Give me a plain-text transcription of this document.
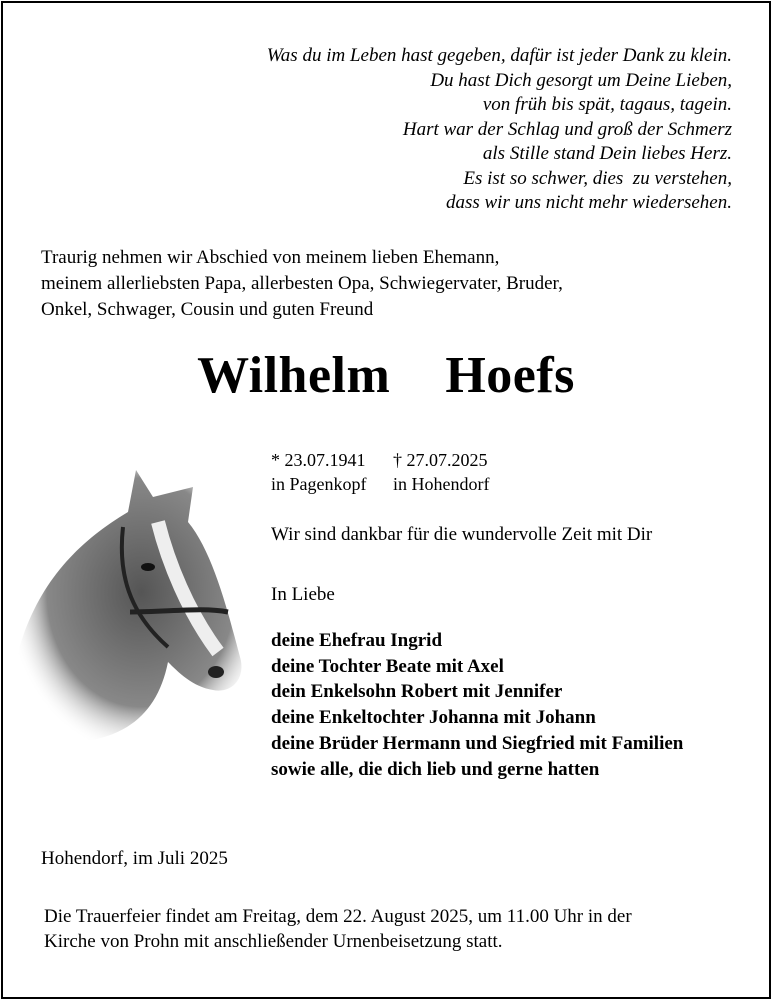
Was du im Leben hast gegeben, dafür ist jeder Dank zu klein.
Du hast Dich gesorgt um Deine Lieben,
von früh bis spät, tagaus, tagein.
Hart war der Schlag und groß der Schmerz
als Stille stand Dein liebes Herz.
Es ist so schwer, dies  zu verstehen,
dass wir uns nicht mehr wiedersehen.
Traurig nehmen wir Abschied von meinem lieben Ehemann,
meinem allerliebsten Papa, allerbesten Opa, Schwiegervater, Bruder,
Onkel, Schwager, Cousin und guten Freund
Wilhelm  Hoefs
* 23.07.1941
in Pagenkopf

† 27.07.2025
in Hohendorf
Wir sind dankbar für die wundervolle Zeit mit Dir
In Liebe
deine Ehefrau Ingrid
deine Tochter Beate mit Axel
dein Enkelsohn Robert mit Jennifer
deine Enkeltochter Johanna mit Johann
deine Brüder Hermann und Siegfried mit Familien
sowie alle, die dich lieb und gerne hatten
Hohendorf, im Juli 2025
Die Trauerfeier findet am Freitag, dem 22. August 2025, um 11.00 Uhr in der
Kirche von Prohn mit anschließender Urnenbeisetzung statt.
